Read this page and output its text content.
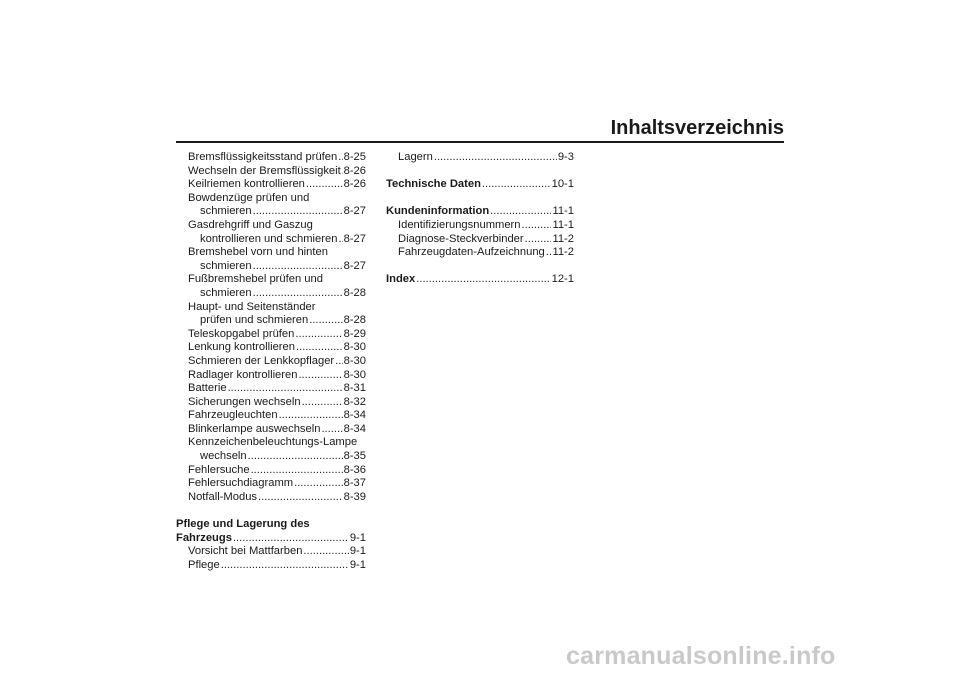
Inhaltsverzeichnis
Bremsflüssigkeitsstand prüfen ..... 8-25
Wechseln der Bremsflüssigkeit ..... 8-26
Keilriemen kontrollieren .....	8-26
Bowdenzüge prüfen und
schmieren .....	8-27
Gasdrehgriff und Gaszug
kontrollieren und schmieren ..... 8-27
Bremshebel vorn und hinten
schmieren .....	8-27
Fußbremshebel prüfen und
schmieren .....	8-28
Haupt- und Seitenständer
prüfen und schmieren .....	8-28
Teleskopgabel prüfen .....	8-29
Lenkung kontrollieren .....	8-30
Schmieren der Lenkkopflager ..... 8-30
Radlager kontrollieren .....	8-30
Batterie .....	8-31
Sicherungen wechseln .....	8-32
Fahrzeugleuchten .....	8-34
Blinkerlampe auswechseln ..... 8-34
Kennzeichenbeleuchtungs-Lampe
wechseln .....	8-35
Fehlersuche .....	8-36
Fehlersuchdiagramm .....	8-37
Notfall-Modus .....	8-39
Pflege und Lagerung des
Fahrzeugs .....	9-1
Vorsicht bei Mattfarben .....	9-1
Pflege .....	9-1
Lagern .....	9-3
Technische Daten .....	10-1
Kundeninformation .....	11-1
Identifizierungsnummern .....	11-1
Diagnose-Steckverbinder .....	11-2
Fahrzeugdaten-Aufzeichnung ..... 11-2
Index .....	12-1
carmanualsonline.info
